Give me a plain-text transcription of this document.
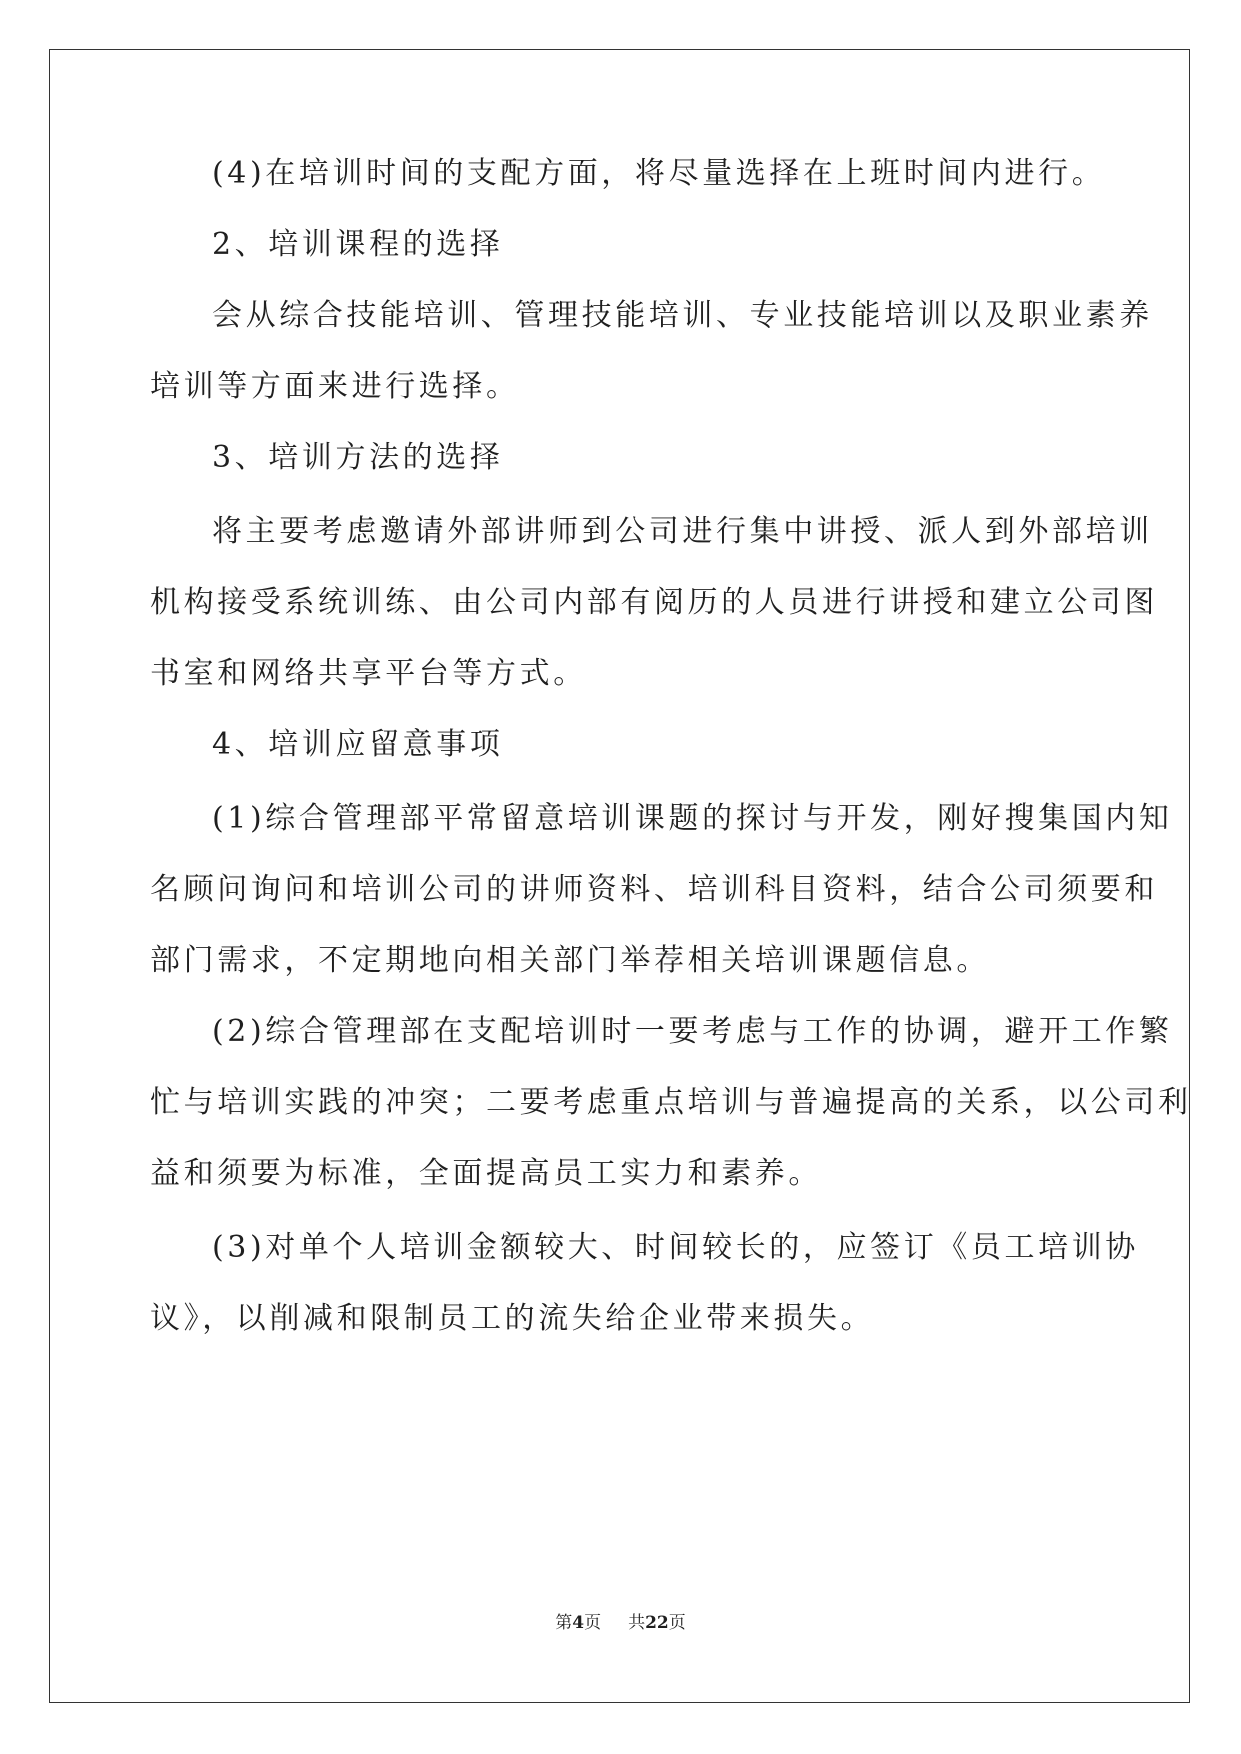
(4)在培训时间的支配方面，将尽量选择在上班时间内进行。
2、培训课程的选择
会从综合技能培训、管理技能培训、专业技能培训以及职业素养
培训等方面来进行选择。
3、培训方法的选择
将主要考虑邀请外部讲师到公司进行集中讲授、派人到外部培训
机构接受系统训练、由公司内部有阅历的人员进行讲授和建立公司图
书室和网络共享平台等方式。
4、培训应留意事项
(1)综合管理部平常留意培训课题的探讨与开发，刚好搜集国内知
名顾问询问和培训公司的讲师资料、培训科目资料，结合公司须要和
部门需求，不定期地向相关部门举荐相关培训课题信息。
(2)综合管理部在支配培训时一要考虑与工作的协调，避开工作繁
忙与培训实践的冲突；二要考虑重点培训与普遍提高的关系，以公司利
益和须要为标准，全面提高员工实力和素养。
(3)对单个人培训金额较大、时间较长的，应签订《员工培训协
议》，以削减和限制员工的流失给企业带来损失。
第4页 共22页
